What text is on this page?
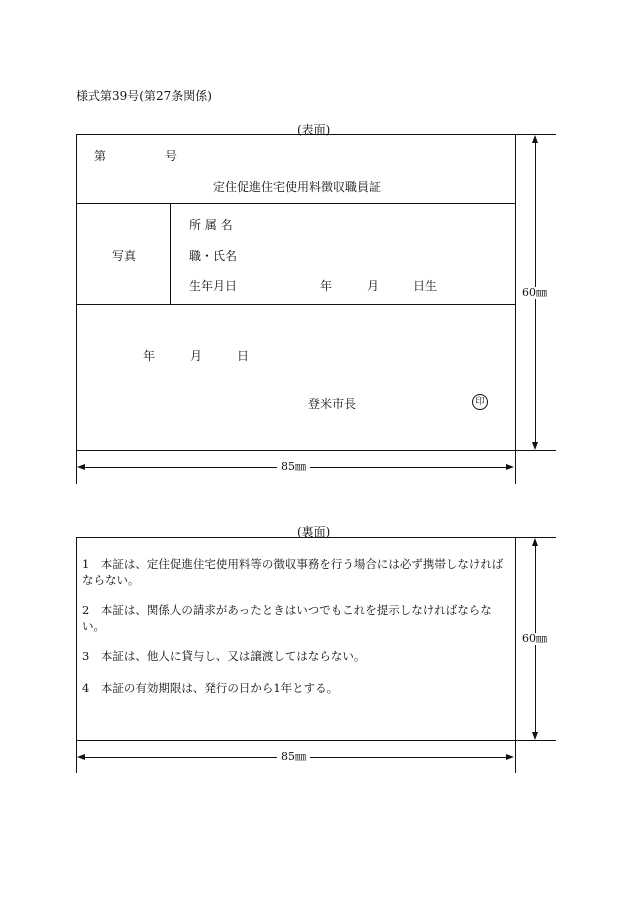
様式第39号(第27条関係)
(表面)
第	号
定住促進住宅使用料徴収職員証
写真
所 属 名
職・氏名
生年月日	年	月	日生
年	月	日
登米市長	印
60㎜
85㎜
(裏面)
1　本証は、定住促進住宅使用料等の徴収事務を行う場合には必ず携帯しなければならない。
2　本証は、関係人の請求があったときはいつでもこれを提示しなければならない。
3　本証は、他人に貸与し、又は譲渡してはならない。
4　本証の有効期限は、発行の日から1年とする。
60㎜
85㎜
